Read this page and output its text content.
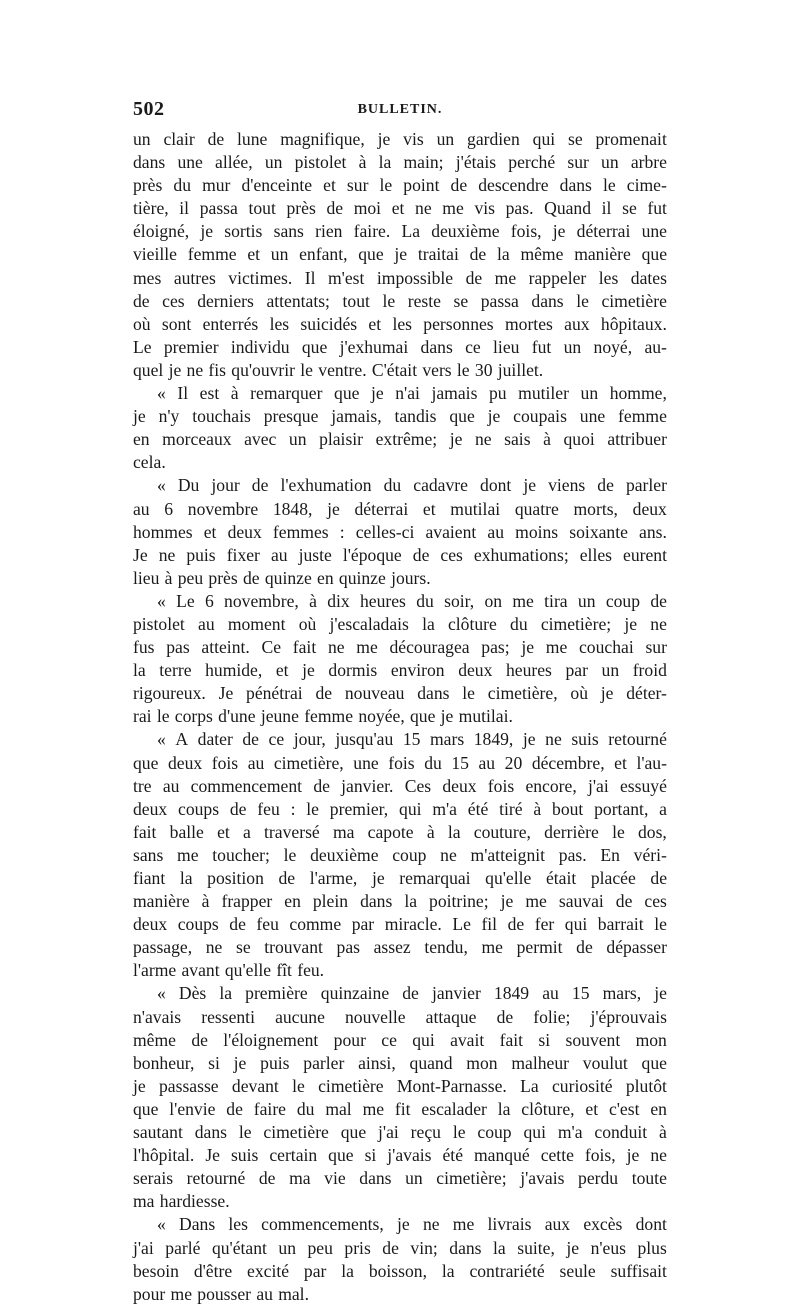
502	BULLETIN.
un clair de lune magnifique, je vis un gardien qui se promenait
dans une allée, un pistolet à la main; j'étais perché sur un arbre
près du mur d'enceinte et sur le point de descendre dans le cime-
tière, il passa tout près de moi et ne me vis pas. Quand il se fut
éloigné, je sortis sans rien faire. La deuxième fois, je déterrai une
vieille femme et un enfant, que je traitai de la même manière que
mes autres victimes. Il m'est impossible de me rappeler les dates
de ces derniers attentats; tout le reste se passa dans le cimetière
où sont enterrés les suicidés et les personnes mortes aux hôpitaux.
Le premier individu que j'exhumai dans ce lieu fut un noyé, au-
quel je ne fis qu'ouvrir le ventre. C'était vers le 30 juillet.
« Il est à remarquer que je n'ai jamais pu mutiler un homme,
je n'y touchais presque jamais, tandis que je coupais une femme
en morceaux avec un plaisir extrême; je ne sais à quoi attribuer
cela.
« Du jour de l'exhumation du cadavre dont je viens de parler
au 6 novembre 1848, je déterrai et mutilai quatre morts, deux
hommes et deux femmes : celles-ci avaient au moins soixante ans.
Je ne puis fixer au juste l'époque de ces exhumations; elles eurent
lieu à peu près de quinze en quinze jours.
« Le 6 novembre, à dix heures du soir, on me tira un coup de
pistolet au moment où j'escaladais la clôture du cimetière; je ne
fus pas atteint. Ce fait ne me découragea pas; je me couchai sur
la terre humide, et je dormis environ deux heures par un froid
rigoureux. Je pénétrai de nouveau dans le cimetière, où je déter-
rai le corps d'une jeune femme noyée, que je mutilai.
« A dater de ce jour, jusqu'au 15 mars 1849, je ne suis retourné
que deux fois au cimetière, une fois du 15 au 20 décembre, et l'au-
tre au commencement de janvier. Ces deux fois encore, j'ai essuyé
deux coups de feu : le premier, qui m'a été tiré à bout portant, a
fait balle et a traversé ma capote à la couture, derrière le dos,
sans me toucher; le deuxième coup ne m'atteignit pas. En véri-
fiant la position de l'arme, je remarquai qu'elle était placée de
manière à frapper en plein dans la poitrine; je me sauvai de ces
deux coups de feu comme par miracle. Le fil de fer qui barrait le
passage, ne se trouvant pas assez tendu, me permit de dépasser
l'arme avant qu'elle fît feu.
« Dès la première quinzaine de janvier 1849 au 15 mars, je
n'avais ressenti aucune nouvelle attaque de folie; j'éprouvais
même de l'éloignement pour ce qui avait fait si souvent mon
bonheur, si je puis parler ainsi, quand mon malheur voulut que
je passasse devant le cimetière Mont-Parnasse. La curiosité plutôt
que l'envie de faire du mal me fit escalader la clôture, et c'est en
sautant dans le cimetière que j'ai reçu le coup qui m'a conduit à
l'hôpital. Je suis certain que si j'avais été manqué cette fois, je ne
serais retourné de ma vie dans un cimetière; j'avais perdu toute
ma hardiesse.
« Dans les commencements, je ne me livrais aux excès dont
j'ai parlé qu'étant un peu pris de vin; dans la suite, je n'eus plus
besoin d'être excité par la boisson, la contrariété seule suffisait
pour me pousser au mal.
